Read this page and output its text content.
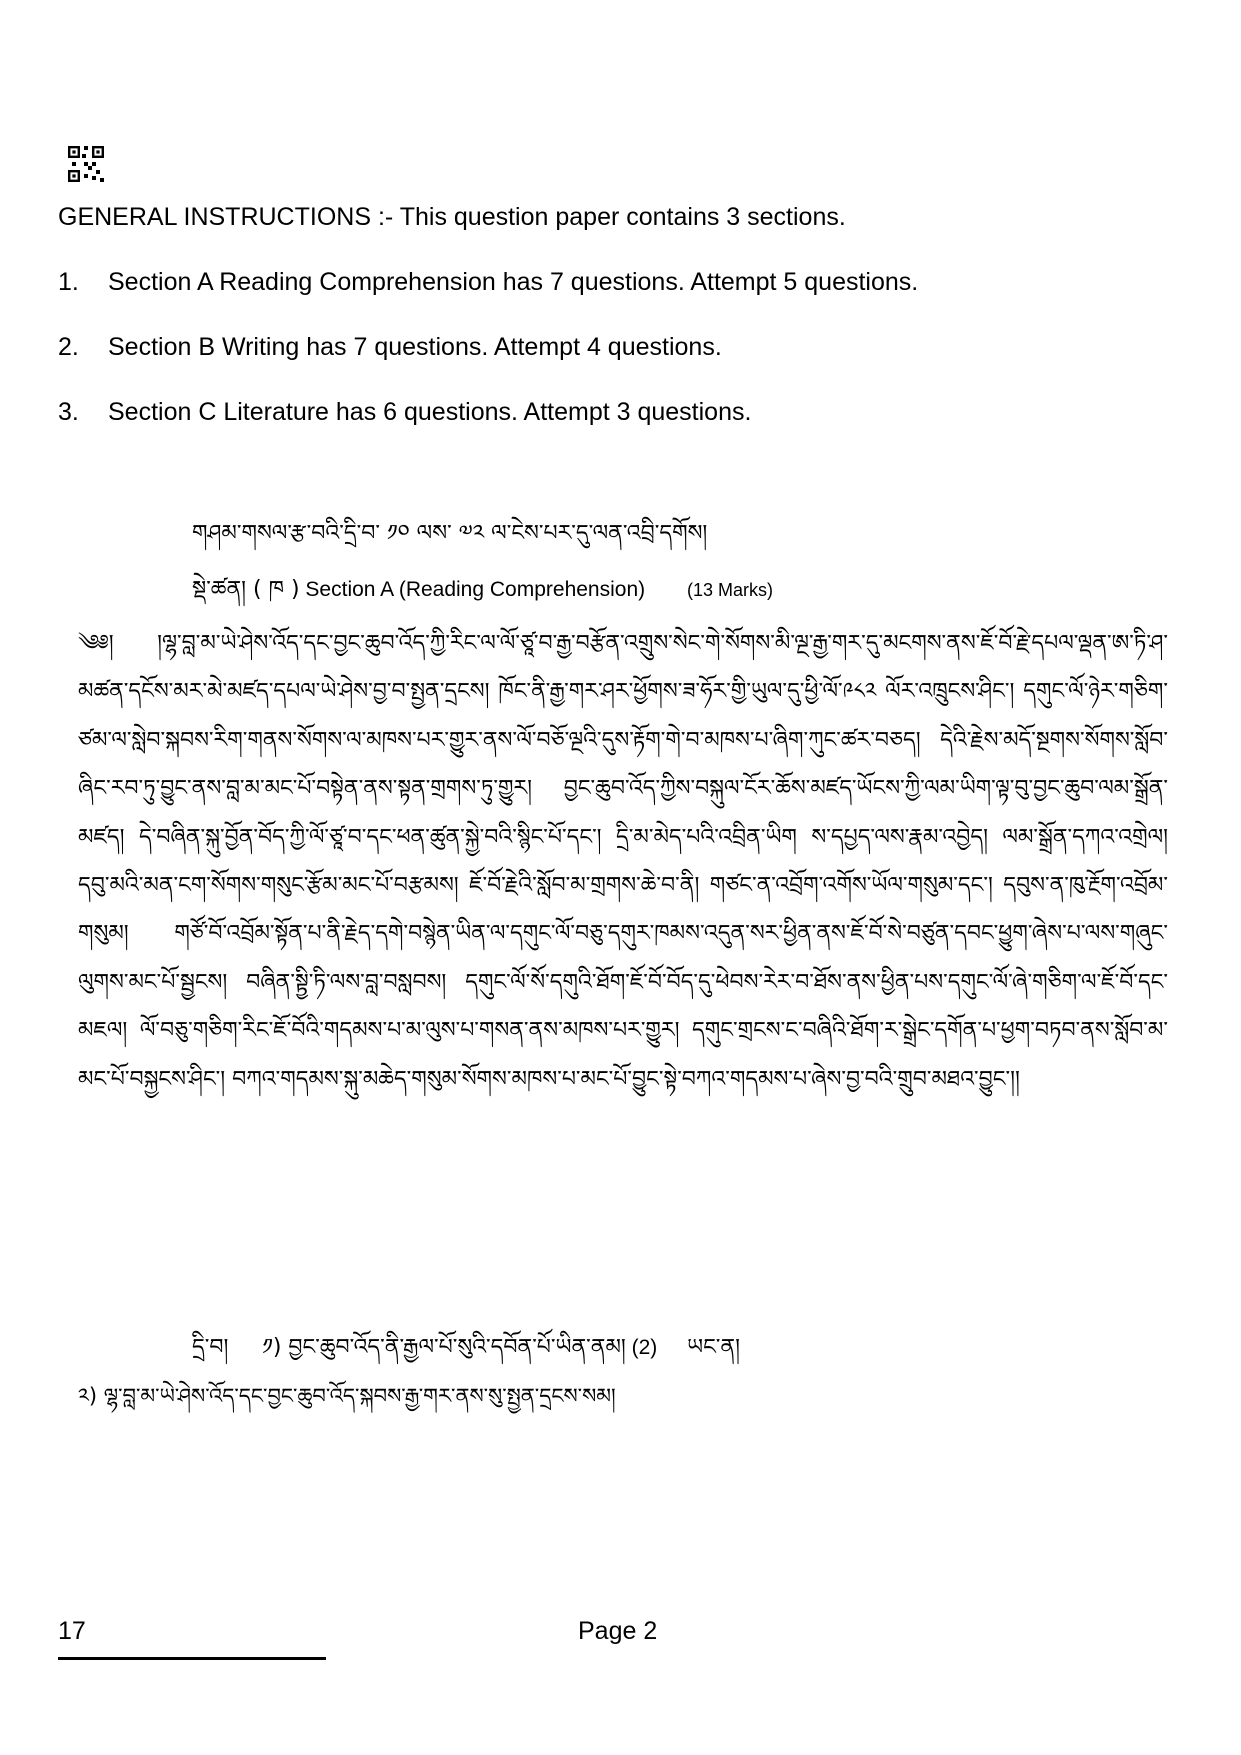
GENERAL INSTRUCTIONS :- This question paper contains 3 sections.
1. Section A Reading Comprehension has 7 questions. Attempt 5 questions.
2. Section B Writing has 7 questions. Attempt 4 questions.
3. Section C Literature has 6 questions. Attempt 3 questions.
གཤམ་གསལ་རྩ་བའི་དྲི་བ་ ༡༠ ལས་ ༧༢ ལ་ངེས་པར་དུ་ལན་འབྲི་དགོས།
སྡེ་ཚན། ( ཁ ) Section A (Reading Comprehension) (13 Marks)
༄༅། །ལྷ་བླ་མ་ཡེ་ཤེས་འོད་དང་བྱང་ཆུབ་འོད་ཀྱི་རིང་ལ་ལོ་ཙཱ་བ་རྒྱ་བརྩོན་འགྲུས་སེང་གེ་སོགས་མི་ལྔ་རྒྱ་གར་དུ་མངགས་ནས་ཇོ་བོ་རྗེ་དཔལ་ལྡན་ཨ་ཏི་ཤ་མཚན་དངོས་མར་མེ་མཛད་དཔལ་ཡེ་ཤེས་བྱ་བ་སྤྱན་དྲངས། ཁོང་ནི་རྒྱ་གར་ཤར་ཕྱོགས་ཟ་ཧོར་གྱི་ཡུལ་དུ་ཕྱི་ལོ་༩༨༢ ལོར་འཁྲུངས་ཤིང་། དགུང་ལོ་ཉེར་གཅིག་ཙམ་ལ་སླེབ་སྐབས་རིག་གནས་སོགས་ལ་མཁས་པར་གྱུར་ནས་ལོ་བཅོ་ལྔའི་དུས་རྟོག་གེ་བ་མཁས་པ་ཞིག་ཀུང་ཚར་བཅད། དེའི་རྗེས་མདོ་སྔགས་སོགས་སློབ་ཞིང་རབ་ཏུ་བྱུང་ནས་བླ་མ་མང་པོ་བསྟེན་ནས་སྟན་གྲགས་ཏུ་གྱུར། བྱང་ཆུབ་འོད་ཀྱིས་བསྐུལ་ངོར་ཆོས་མཛད་ཡོངས་ཀྱི་ལམ་ཡིག་ལྟ་བུ་བྱང་ཆུབ་ལམ་སྒྲོན་མཛད། དེ་བཞིན་སྐུ་བྱོན་བོད་ཀྱི་ལོ་ཙཱ་བ་དང་ཕན་ཚུན་སྐྱེ་བའི་སྙིང་པོ་དང་། དྲི་མ་མེད་པའི་འབྲིན་ཡིག ས་དཔྱད་ལས་རྣམ་འབྱེད། ལམ་སྒྲོན་དཀའ་འགྲེལ། དབུ་མའི་མན་ངག་སོགས་གསུང་རྩོམ་མང་པོ་བརྩམས། ཇོ་བོ་རྗེའི་སློབ་མ་གྲགས་ཆེ་བ་ནི། གཙང་ན་འབྲོག་འགོས་ཡོལ་གསུམ་དང་། དབུས་ན་ཁུ་རྔོག་འབྲོམ་གསུམ། གཙོ་བོ་འབྲོམ་སྟོན་པ་ནི་རྗེད་དགེ་བསྙེན་ཡིན་ལ་དགུང་ལོ་བཅུ་དགུར་ཁམས་འདུན་སར་ཕྱིན་ནས་ཇོ་བོ་སེ་བཙུན་དབང་ཕྱུག་ཞེས་པ་ལས་གཞུང་ལུགས་མང་པོ་སྦྱངས། བཞིན་སྟྱི་ཏི་ལས་བླ་བསླབས། དགུང་ལོ་སོ་དགུའི་ཐོག་ཇོ་བོ་བོད་དུ་ཕེབས་རེར་བ་ཐོས་ནས་ཕྱིན་པས་དགུང་ལོ་ཞེ་གཅིག་ལ་ཇོ་བོ་དང་མཇལ། ལོ་བཅུ་གཅིག་རིང་ཇོ་བོའི་གདམས་པ་མ་ལུས་པ་གསན་ནས་མཁས་པར་གྱུར། དགུང་གྲངས་ང་བཞིའི་ཐོག་ར་སྒྲེང་དགོན་པ་ཕྱག་བཏབ་ནས་སློབ་མ་མང་པོ་བསྐྱངས་ཤིང་། བཀའ་གདམས་སྐུ་མཆེད་གསུམ་སོགས་མཁས་པ་མང་པོ་བྱུང་སྟེ་བཀའ་གདམས་པ་ཞེས་བྱ་བའི་གྲུབ་མཐའ་བྱུང་།།
དྲི་བ། ༡) བྱང་ཆུབ་འོད་ནི་རྒྱལ་པོ་སུའི་དབོན་པོ་ཡིན་ནམ། (2) ཡང་ན།
༢) ལྷ་བླ་མ་ཡེ་ཤེས་འོད་དང་བྱང་ཆུབ་འོད་སྐབས་རྒྱ་གར་ནས་སུ་སྤྱན་དྲངས་སམ།
17	Page 2
